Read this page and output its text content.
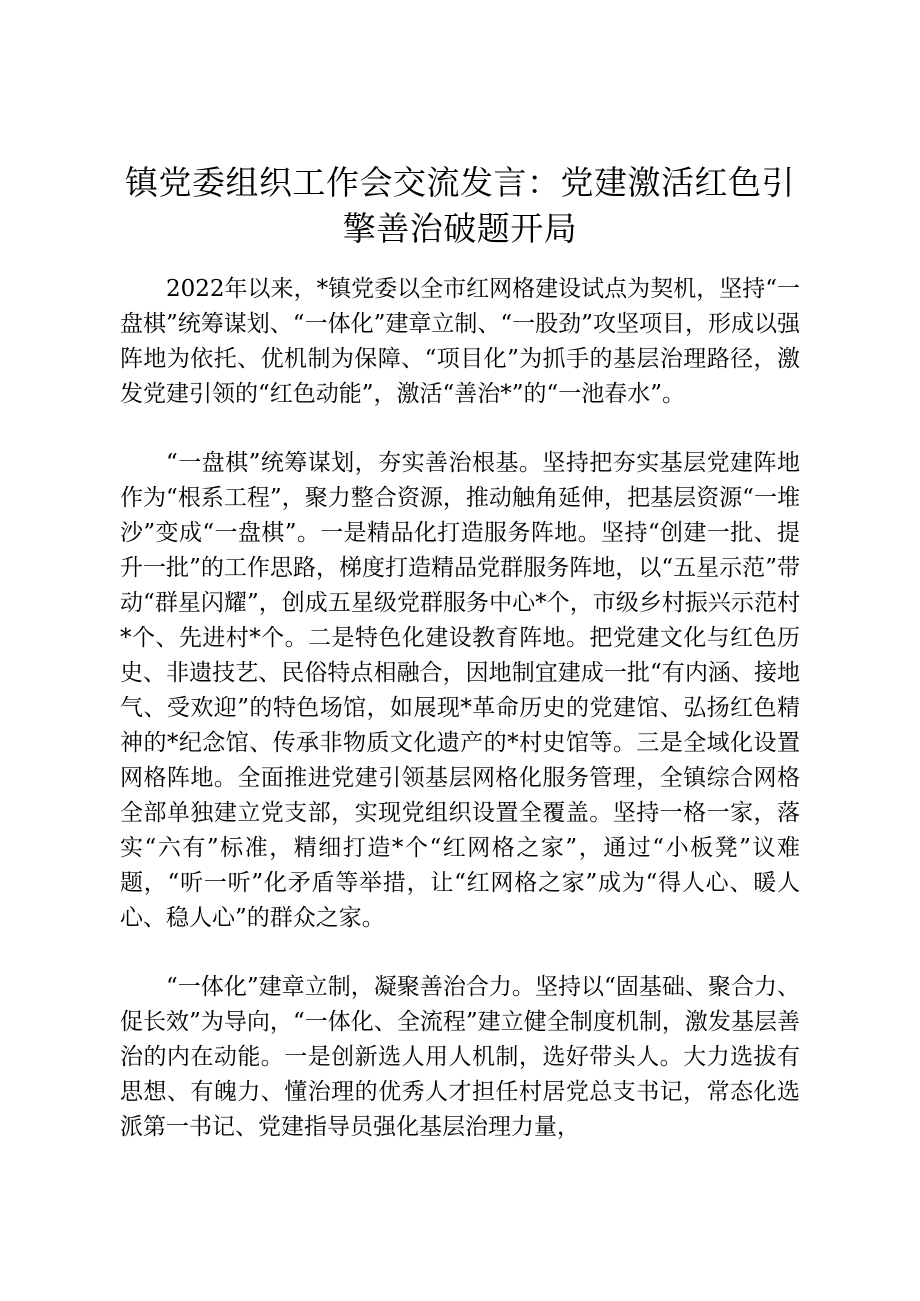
镇党委组织工作会交流发言：党建激活红色引擎善治破题开局

2022年以来，*镇党委以全市红网格建设试点为契机，坚持“一盘棋”统筹谋划、“一体化”建章立制、“一股劲”攻坚项目，形成以强阵地为依托、优机制为保障、“项目化”为抓手的基层治理路径，激发党建引领的“红色动能”，激活“善治*”的“一池春水”。

“一盘棋”统筹谋划，夯实善治根基。坚持把夯实基层党建阵地作为“根系工程”，聚力整合资源，推动触角延伸，把基层资源“一堆沙”变成“一盘棋”。一是精品化打造服务阵地。坚持“创建一批、提升一批”的工作思路，梯度打造精品党群服务阵地，以“五星示范”带动“群星闪耀”，创成五星级党群服务中心*个，市级乡村振兴示范村*个、先进村*个。二是特色化建设教育阵地。把党建文化与红色历史、非遗技艺、民俗特点相融合，因地制宜建成一批“有内涵、接地气、受欢迎”的特色场馆，如展现*革命历史的党建馆、弘扬红色精神的*纪念馆、传承非物质文化遗产的*村史馆等。三是全域化设置网格阵地。全面推进党建引领基层网格化服务管理，全镇综合网格全部单独建立党支部，实现党组织设置全覆盖。坚持一格一家，落实“六有”标准，精细打造*个“红网格之家”，通过“小板凳”议难题，“听一听”化矛盾等举措，让“红网格之家”成为“得人心、暖人心、稳人心”的群众之家。

“一体化”建章立制，凝聚善治合力。坚持以“固基础、聚合力、促长效”为导向，“一体化、全流程”建立健全制度机制，激发基层善治的内在动能。一是创新选人用人机制，选好带头人。大力选拔有思想、有魄力、懂治理的优秀人才担任村居党总支书记，常态化选派第一书记、党建指导员强化基层治理力量，
